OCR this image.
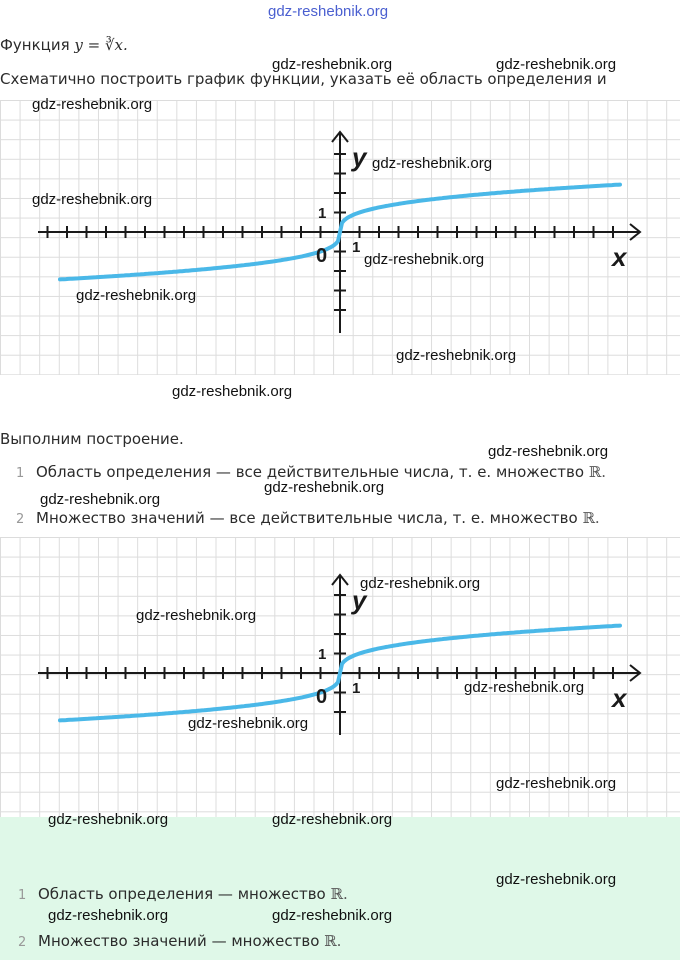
gdz-reshebnik.org
Функция y = ∛x.
Схематично построить график функции, указать её область определения и
0 1
1
x
y
Выполним построение.
Область определения — все действительные числа, т. е. множество ℝ.
1
Множество значений — все действительные числа, т. е. множество ℝ.
2
0 1
1
x
y
Область определения — множество ℝ.
1
Множество значений — множество ℝ.
2
gdz-reshebnik.org	gdz-reshebnik.org
gdz-reshebnik.org
gdz-reshebnik.org
gdz-reshebnik.org
gdz-reshebnik.org
gdz-reshebnik.org
gdz-reshebnik.org
gdz-reshebnik.org
gdz-reshebnik.org
gdz-reshebnik.org
gdz-reshebnik.org
gdz-reshebnik.org
gdz-reshebnik.org
gdz-reshebnik.org
gdz-reshebnik.org
gdz-reshebnik.org
gdz-reshebnik.org	gdz-reshebnik.org
gdz-reshebnik.org
gdz-reshebnik.org	gdz-reshebnik.org
